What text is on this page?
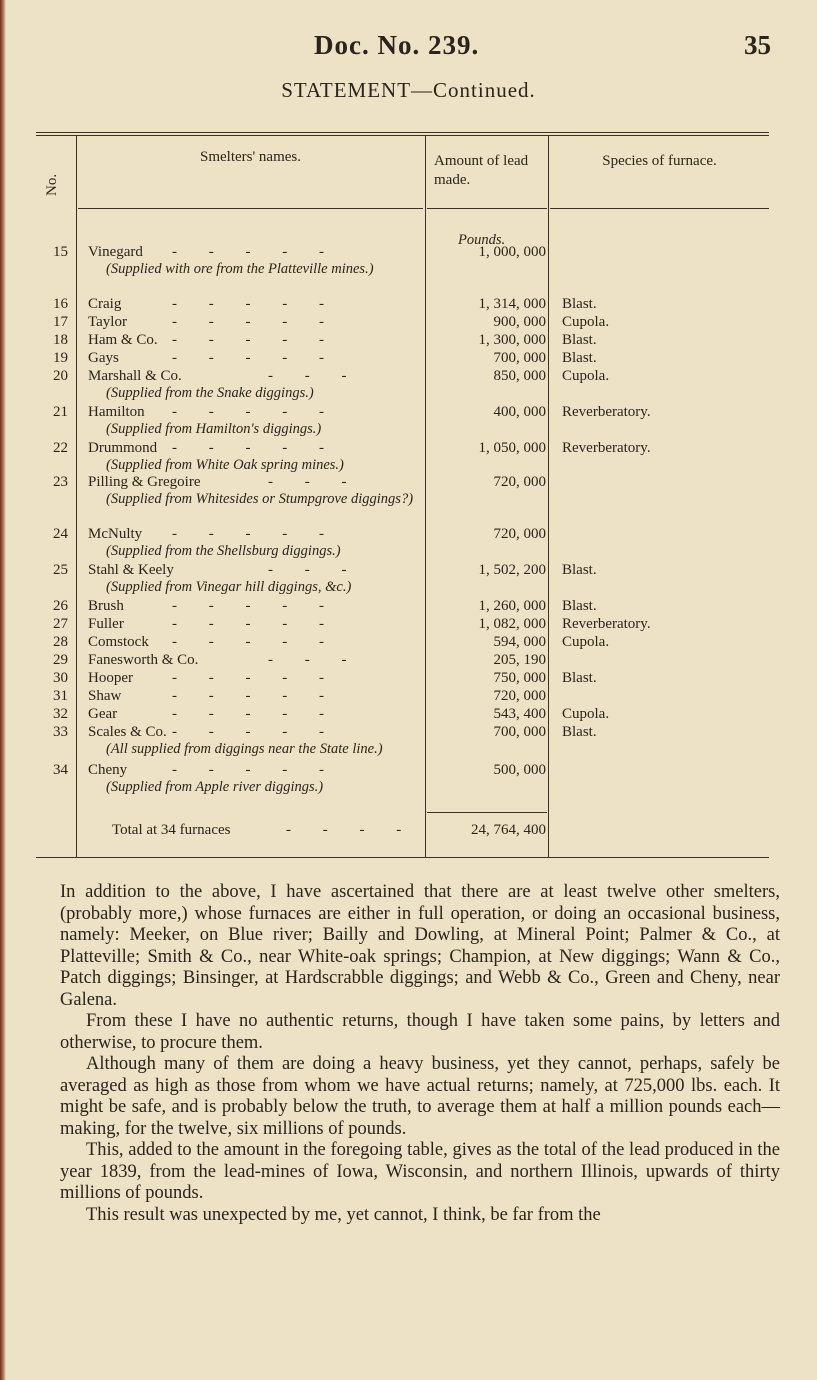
Doc. No. 239.	35
STATEMENT—Continued.
No.
Smelters' names.	Amount of lead made.
Species of furnace.
Pounds.
15 Vinegard	- - - - -	1, 000, 000
(Supplied with ore from the Platteville mines.)
16 Craig	- - - - -	1, 314, 000 Blast.
17 Taylor	- - - - -	900, 000 Cupola.
18 Ham & Co. - - - - -	1, 300, 000 Blast.
19 Gays	- - - - -	700, 000 Blast.
20 Marshall & Co.	- - -	850, 000 Cupola.
(Supplied from the Snake diggings.)
21 Hamilton	- - - - -	400, 000 Reverberatory.
(Supplied from Hamilton's diggings.)
22 Drummond - - - - -	1, 050, 000 Reverberatory.
(Supplied from White Oak spring mines.)
23 Pilling & Gregoire	- - -	720, 000
(Supplied from Whitesides or Stumpgrove diggings?)
24 McNulty	- - - - -	720, 000
(Supplied from the Shellsburg diggings.)
25 Stahl & Keely	- - -	1, 502, 200 Blast.
(Supplied from Vinegar hill diggings, &c.)
26 Brush	- - - - -	1, 260, 000 Blast.
27 Fuller	- - - - -	1, 082, 000 Reverberatory.
28 Comstock	- - - - -	594, 000 Cupola.
29 Fanesworth & Co.	- - -	205, 190
30 Hooper	- - - - -	750, 000 Blast.
31 Shaw	- - - - -	720, 000
32 Gear	- - - - -	543, 400 Cupola.
33 Scales & Co. - - - - -	700, 000 Blast.
(All supplied from diggings near the State line.)
34 Cheny	- - - - -	500, 000
(Supplied from Apple river diggings.)
Total at 34 furnaces	- - - -	24, 764, 400

In addition to the above, I have ascertained that there are at least twelve other smelters, (probably more,) whose furnaces are either in full operation, or doing an occasional business, namely: Meeker, on Blue river; Bailly and Dowling, at Mineral Point; Palmer & Co., at Platteville; Smith & Co., near White-oak springs; Champion, at New diggings; Wann & Co., Patch diggings; Binsinger, at Hardscrabble diggings; and Webb & Co., Green and Cheny, near Galena.

From these I have no authentic returns, though I have taken some pains, by letters and otherwise, to procure them.

Although many of them are doing a heavy business, yet they cannot, perhaps, safely be averaged as high as those from whom we have actual returns; namely, at 725,000 lbs. each. It might be safe, and is probably below the truth, to average them at half a million pounds each—making, for the twelve, six millions of pounds.

This, added to the amount in the foregoing table, gives as the total of the lead produced in the year 1839, from the lead-mines of Iowa, Wisconsin, and northern Illinois, upwards of thirty millions of pounds.

This result was unexpected by me, yet cannot, I think, be far from the
